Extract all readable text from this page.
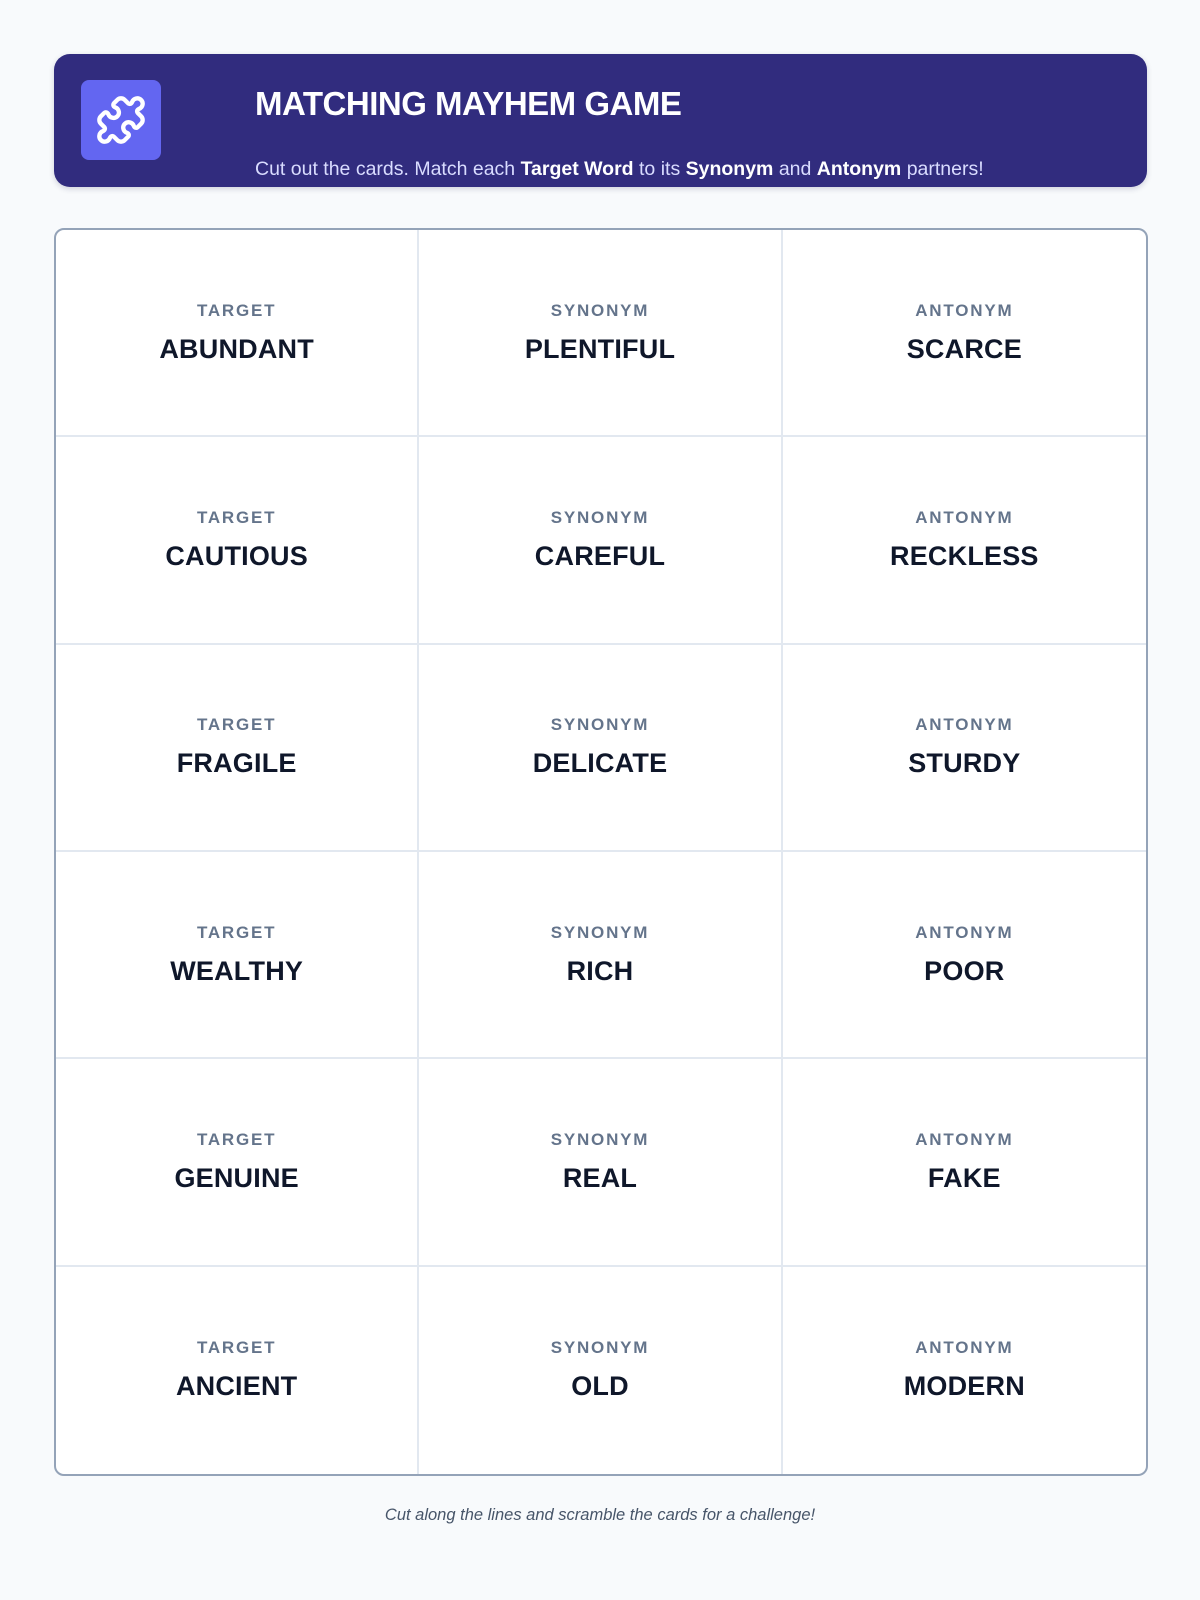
MATCHING MAYHEM GAME
Cut out the cards. Match each Target Word to its Synonym and Antonym partners!
TARGET
ABUNDANT
SYNONYM
PLENTIFUL
ANTONYM
SCARCE
TARGET
CAUTIOUS
SYNONYM
CAREFUL
ANTONYM
RECKLESS
TARGET
FRAGILE
SYNONYM
DELICATE
ANTONYM
STURDY
TARGET
WEALTHY
SYNONYM
RICH
ANTONYM
POOR
TARGET
GENUINE
SYNONYM
REAL
ANTONYM
FAKE
TARGET
ANCIENT
SYNONYM
OLD
ANTONYM
MODERN
Cut along the lines and scramble the cards for a challenge!
